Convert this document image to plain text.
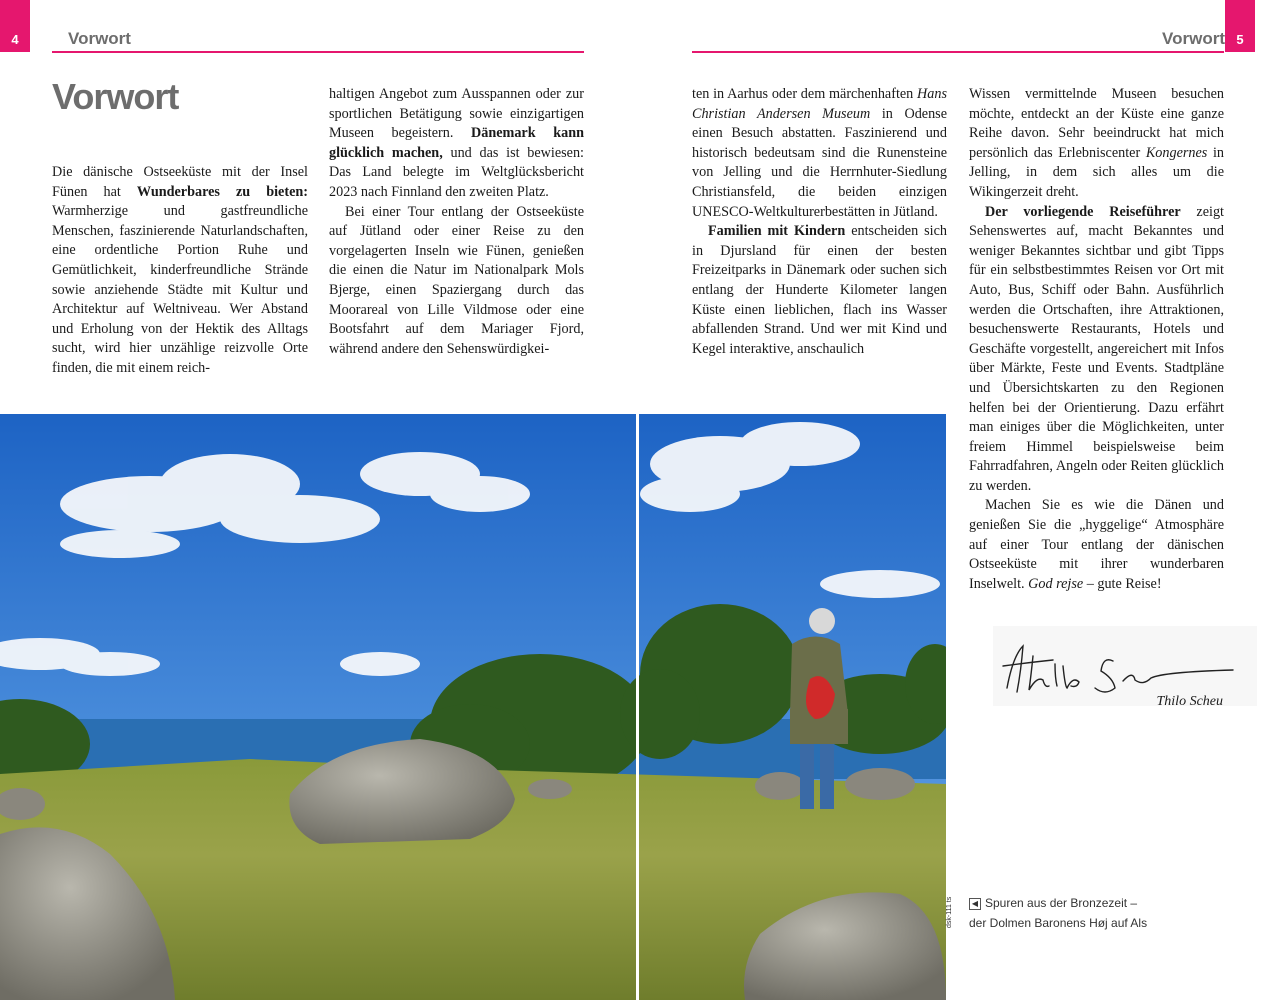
4	Vorwort
Vorwort

Die dänische Ostseeküste mit der Insel Fünen hat Wunderbares zu bieten: Warmherzige und gastfreundliche Menschen, faszinierende Naturlandschaften, eine ordentliche Portion Ruhe und Gemütlichkeit, kinderfreundliche Strände sowie anziehende Städte mit Kultur und Architektur auf Weltniveau. Wer Abstand und Erholung von der Hektik des Alltags sucht, wird hier unzählige reizvolle Orte finden, die mit einem reich-

haltigen Angebot zum Ausspannen oder zur sportlichen Betätigung sowie einzigartigen Museen begeistern. Dänemark kann glücklich machen, und das ist bewiesen: Das Land belegte im Weltglücksbericht 2023 nach Finnland den zweiten Platz.

Bei einer Tour entlang der Ostseeküste auf Jütland oder einer Reise zu den vorgelagerten Inseln wie Fünen, genießen die einen die Natur im Nationalpark Mols Bjerge, einen Spaziergang durch das Moorareal von Lille Vildmose oder eine Bootsfahrt auf dem Mariager Fjord, während andere den Sehenswürdigkei-

dsk-111 ts
5
Vorwort

ten in Aarhus oder dem märchenhaften Hans Christian Andersen Museum in Odense einen Besuch abstatten. Faszinierend und historisch bedeutsam sind die Runensteine von Jelling und die Herrnhuter-Siedlung Christiansfeld, die beiden einzigen UNESCO-Weltkulturerbestätten in Jütland.

Familien mit Kindern entscheiden sich in Djursland für einen der besten Freizeitparks in Dänemark oder suchen sich entlang der Hunderte Kilometer langen Küste einen lieblichen, flach ins Wasser abfallenden Strand. Und wer mit Kind und Kegel interaktive, anschaulich

Wissen vermittelnde Museen besuchen möchte, entdeckt an der Küste eine ganze Reihe davon. Sehr beeindruckt hat mich persönlich das Erlebniscenter Kongernes in Jelling, in dem sich alles um die Wikingerzeit dreht.

Der vorliegende Reiseführer zeigt Sehenswertes auf, macht Bekanntes und weniger Bekanntes sichtbar und gibt Tipps für ein selbstbestimmtes Reisen vor Ort mit Auto, Bus, Schiff oder Bahn. Ausführlich werden die Ortschaften, ihre Attraktionen, besuchenswerte Restaurants, Hotels und Geschäfte vorgestellt, angereichert mit Infos über Märkte, Feste und Events. Stadtpläne und Übersichtskarten zu den Regionen helfen bei der Orientierung. Dazu erfährt man einiges über die Möglichkeiten, unter freiem Himmel beispielsweise beim Fahrradfahren, Angeln oder Reiten glücklich zu werden.

Machen Sie es wie die Dänen und genießen Sie die „hyggelige“ Atmosphäre auf einer Tour entlang der dänischen Ostseeküste mit ihrer wunderbaren Inselwelt. God rejse – gute Reise!

Thilo Scheu
◀ Spuren aus der Bronzezeit –
der Dolmen Baronens Høj auf Als
